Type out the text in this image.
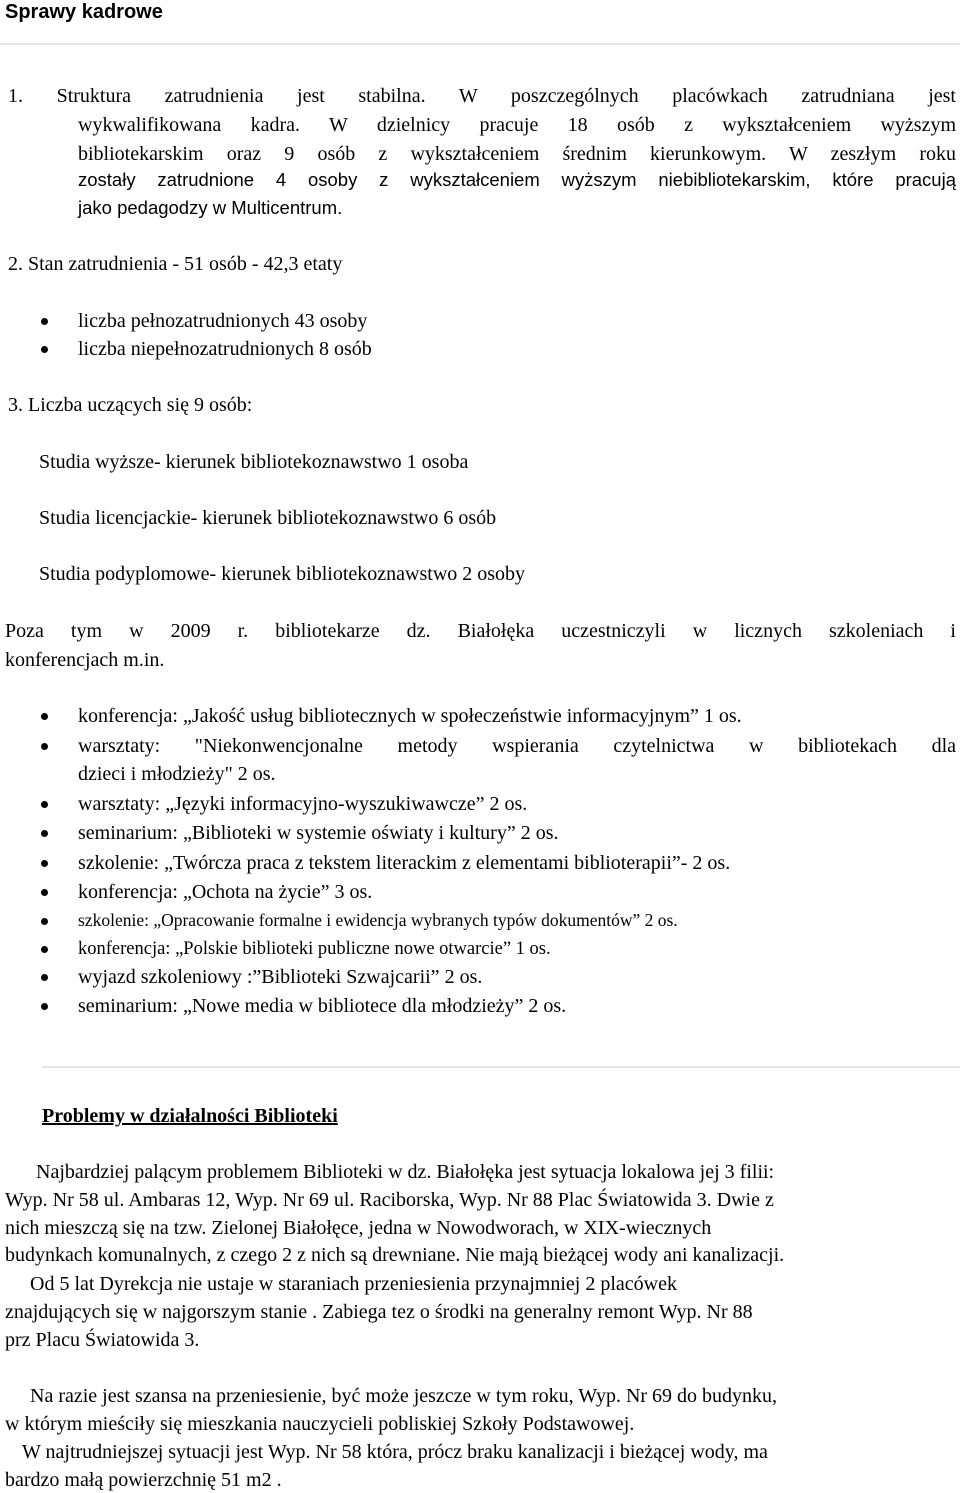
Sprawy kadrowe
1. Struktura zatrudnienia jest stabilna. W poszczególnych placówkach zatrudniana jest
wykwalifikowana kadra. W dzielnicy pracuje 18 osób z wykształceniem wyższym
bibliotekarskim oraz 9 osób z wykształceniem średnim kierunkowym. W zeszłym roku
zostały zatrudnione 4 osoby z wykształceniem wyższym niebibliotekarskim, które pracują
jako pedagodzy w Multicentrum.
2. Stan zatrudnienia - 51 osób - 42,3 etaty
liczba pełnozatrudnionych 43 osoby
liczba niepełnozatrudnionych 8 osób
3. Liczba uczących się 9 osób:
Studia wyższe- kierunek bibliotekoznawstwo 1 osoba
Studia licencjackie- kierunek bibliotekoznawstwo 6 osób
Studia podyplomowe- kierunek bibliotekoznawstwo 2 osoby
Poza tym w 2009 r. bibliotekarze dz. Białołęka uczestniczyli w licznych szkoleniach i
konferencjach m.in.
konferencja: „Jakość usług bibliotecznych w społeczeństwie informacyjnym” 1 os.
warsztaty: "Niekonwencjonalne metody wspierania czytelnictwa w bibliotekach dla
dzieci i młodzieży" 2 os.
warsztaty: „Języki informacyjno-wyszukiwawcze” 2 os.
seminarium: „Biblioteki w systemie oświaty i kultury” 2 os.
szkolenie: „Twórcza praca z tekstem literackim z elementami biblioterapii”- 2 os.
konferencja: „Ochota na życie” 3 os.
szkolenie: „Opracowanie formalne i ewidencja wybranych typów dokumentów” 2 os.
konferencja: „Polskie biblioteki publiczne nowe otwarcie” 1 os.
wyjazd szkoleniowy :”Biblioteki Szwajcarii” 2 os.
seminarium: „Nowe media w bibliotece dla młodzieży” 2 os.
Problemy w działalności Biblioteki
Najbardziej palącym problemem Biblioteki w dz. Białołęka jest sytuacja lokalowa jej 3 filii:
Wyp. Nr 58 ul. Ambaras 12, Wyp. Nr 69 ul. Raciborska, Wyp. Nr 88 Plac Światowida 3. Dwie z
nich mieszczą się na tzw. Zielonej Białołęce, jedna w Nowodworach, w XIX-wiecznych
budynkach komunalnych, z czego 2 z nich są drewniane. Nie mają bieżącej wody ani kanalizacji.
Od 5 lat Dyrekcja nie ustaje w staraniach przeniesienia przynajmniej 2 placówek
znajdujących się w najgorszym stanie . Zabiega tez o środki na generalny remont Wyp. Nr 88
prz Placu Światowida 3.
Na razie jest szansa na przeniesienie, być może jeszcze w tym roku, Wyp. Nr 69 do budynku,
w którym mieściły się mieszkania nauczycieli pobliskiej Szkoły Podstawowej.
W najtrudniejszej sytuacji jest Wyp. Nr 58 która, prócz braku kanalizacji i bieżącej wody, ma
bardzo małą powierzchnię 51 m2 .
